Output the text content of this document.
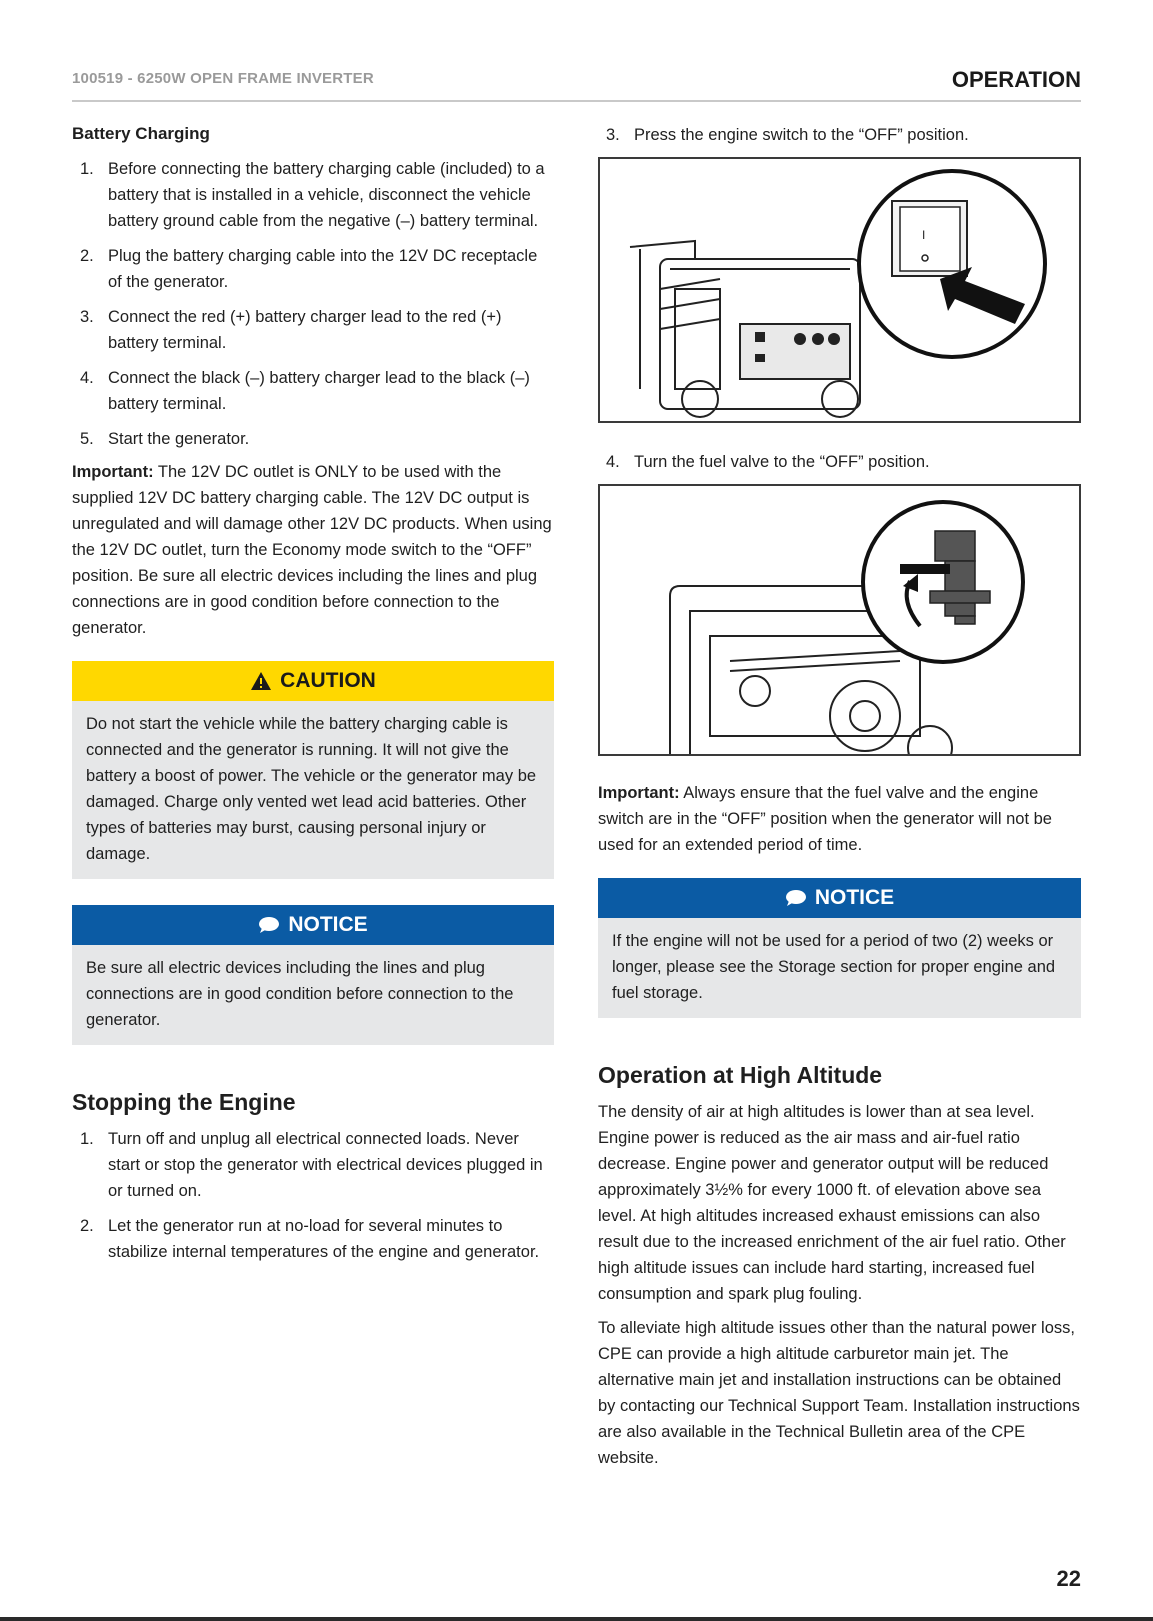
100519 - 6250W OPEN FRAME INVERTER	OPERATION
Battery Charging
1. Before connecting the battery charging cable (included) to a battery that is installed in a vehicle, disconnect the vehicle battery ground cable from the negative (–) battery terminal.
2. Plug the battery charging cable into the 12V DC receptacle of the generator.
3. Connect the red (+) battery charger lead to the red (+) battery terminal.
4. Connect the black (–) battery charger lead to the black (–) battery terminal.
5. Start the generator.

Important: The 12V DC outlet is ONLY to be used with the supplied 12V DC battery charging cable. The 12V DC output is unregulated and will damage other 12V DC products. When using the 12V DC outlet, turn the Economy mode switch to the “OFF” position. Be sure all electric devices including the lines and plug connections are in good condition before connection to the generator.

CAUTION
Do not start the vehicle while the battery charging cable is connected and the generator is running. It will not give the battery a boost of power. The vehicle or the generator may be damaged. Charge only vented wet lead acid batteries. Other types of batteries may burst, causing personal injury or damage.
NOTICE
Be sure all electric devices including the lines and plug connections are in good condition before connection to the generator.
Stopping the Engine
1. Turn off and unplug all electrical connected loads. Never start or stop the generator with electrical devices plugged in or turned on.
2. Let the generator run at no-load for several minutes to stabilize internal temperatures of the engine and generator.
3. Press the engine switch to the “OFF” position.
I
4. Turn the fuel valve to the “OFF” position.

Important: Always ensure that the fuel valve and the engine switch are in the “OFF” position when the generator will not be used for an extended period of time.

NOTICE
If the engine will not be used for a period of two (2) weeks or longer, please see the Storage section for proper engine and fuel storage.
Operation at High Altitude

The density of air at high altitudes is lower than at sea level. Engine power is reduced as the air mass and air-fuel ratio decrease. Engine power and generator output will be reduced approximately 3½% for every 1000 ft. of elevation above sea level. At high altitudes increased exhaust emissions can also result due to the increased enrichment of the air fuel ratio. Other high altitude issues can include hard starting, increased fuel consumption and spark plug fouling.

To alleviate high altitude issues other than the natural power loss, CPE can provide a high altitude carburetor main jet. The alternative main jet and installation instructions can be obtained by contacting our Technical Support Team. Installation instructions are also available in the Technical Bulletin area of the CPE website.

22
